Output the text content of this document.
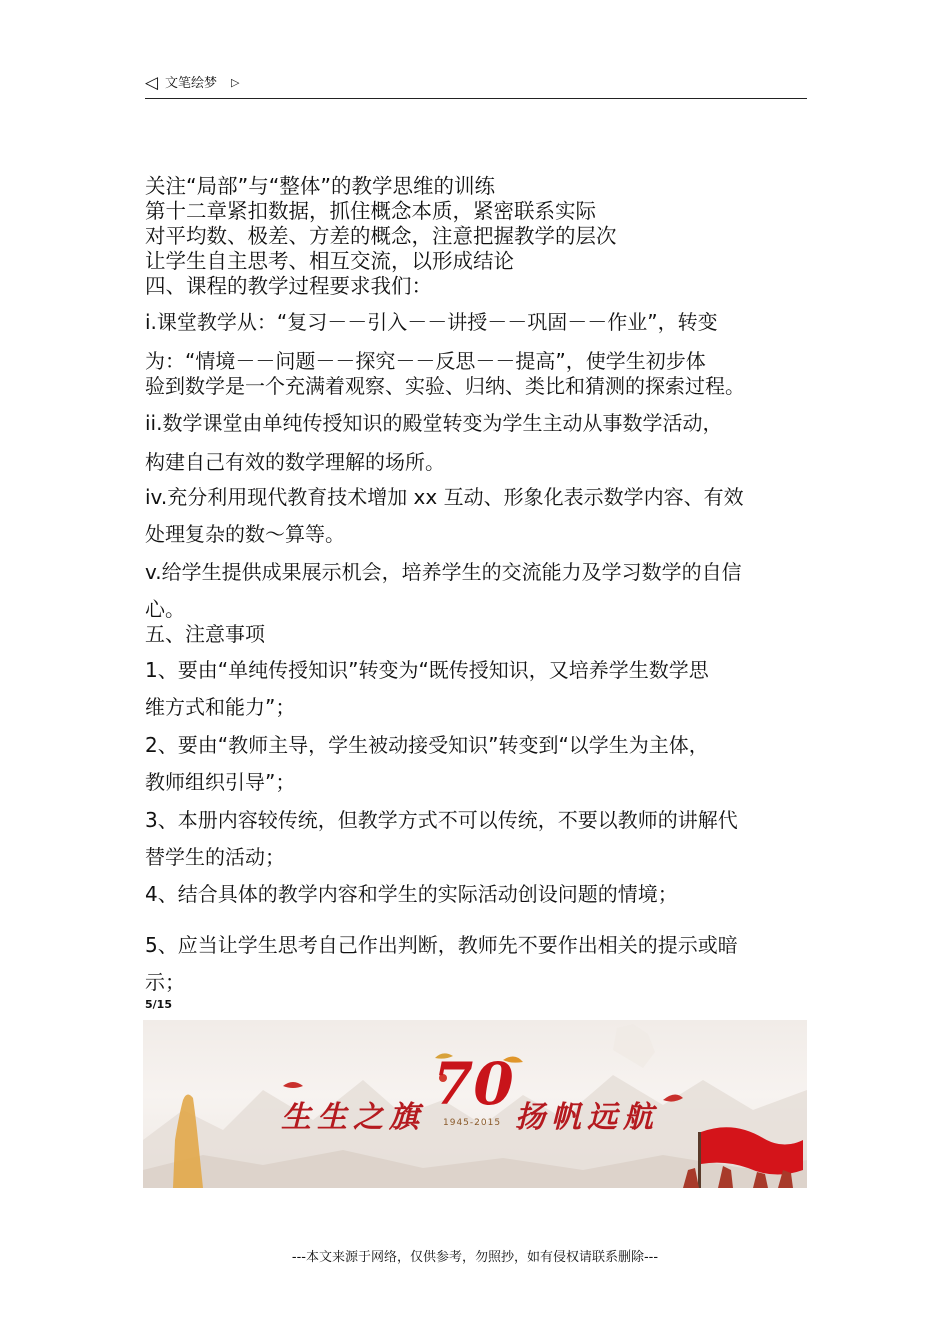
◁ 文笔绘梦 ▷
关注“局部”与“整体”的教学思维的训练
第十二章紧扣数据，抓住概念本质，紧密联系实际
对平均数、极差、方差的概念，注意把握教学的层次
让学生自主思考、相互交流，以形成结论
四、课程的教学过程要求我们：
i.课堂教学从：“复习－－引入－－讲授－－巩固－－作业”，转变
为：“情境－－问题－－探究－－反思－－提高”，使学生初步体
验到数学是一个充满着观察、实验、归纳、类比和猜测的探索过程。
ii.数学课堂由单纯传授知识的殿堂转变为学生主动从事数学活动，
构建自己有效的数学理解的场所。
iv.充分利用现代教育技术增加 xx 互动、形象化表示数学内容、有效
处理复杂的数～算等。
v.给学生提供成果展示机会，培养学生的交流能力及学习数学的自信
心。
五、注意事项
1、要由“单纯传授知识”转变为“既传授知识，又培养学生数学思
维方式和能力”；
2、要由“教师主导，学生被动接受知识”转变到“以学生为主体，
教师组织引导”；
3、本册内容较传统，但教学方式不可以传统，不要以教师的讲解代
替学生的活动；
4、结合具体的教学内容和学生的实际活动创设问题的情境；
5、应当让学生思考自己作出判断，教师先不要作出相关的提示或暗
示；
5/15
70
1945-2015
生生之旗	扬帆远航
---本文来源于网络，仅供参考，勿照抄，如有侵权请联系删除---
